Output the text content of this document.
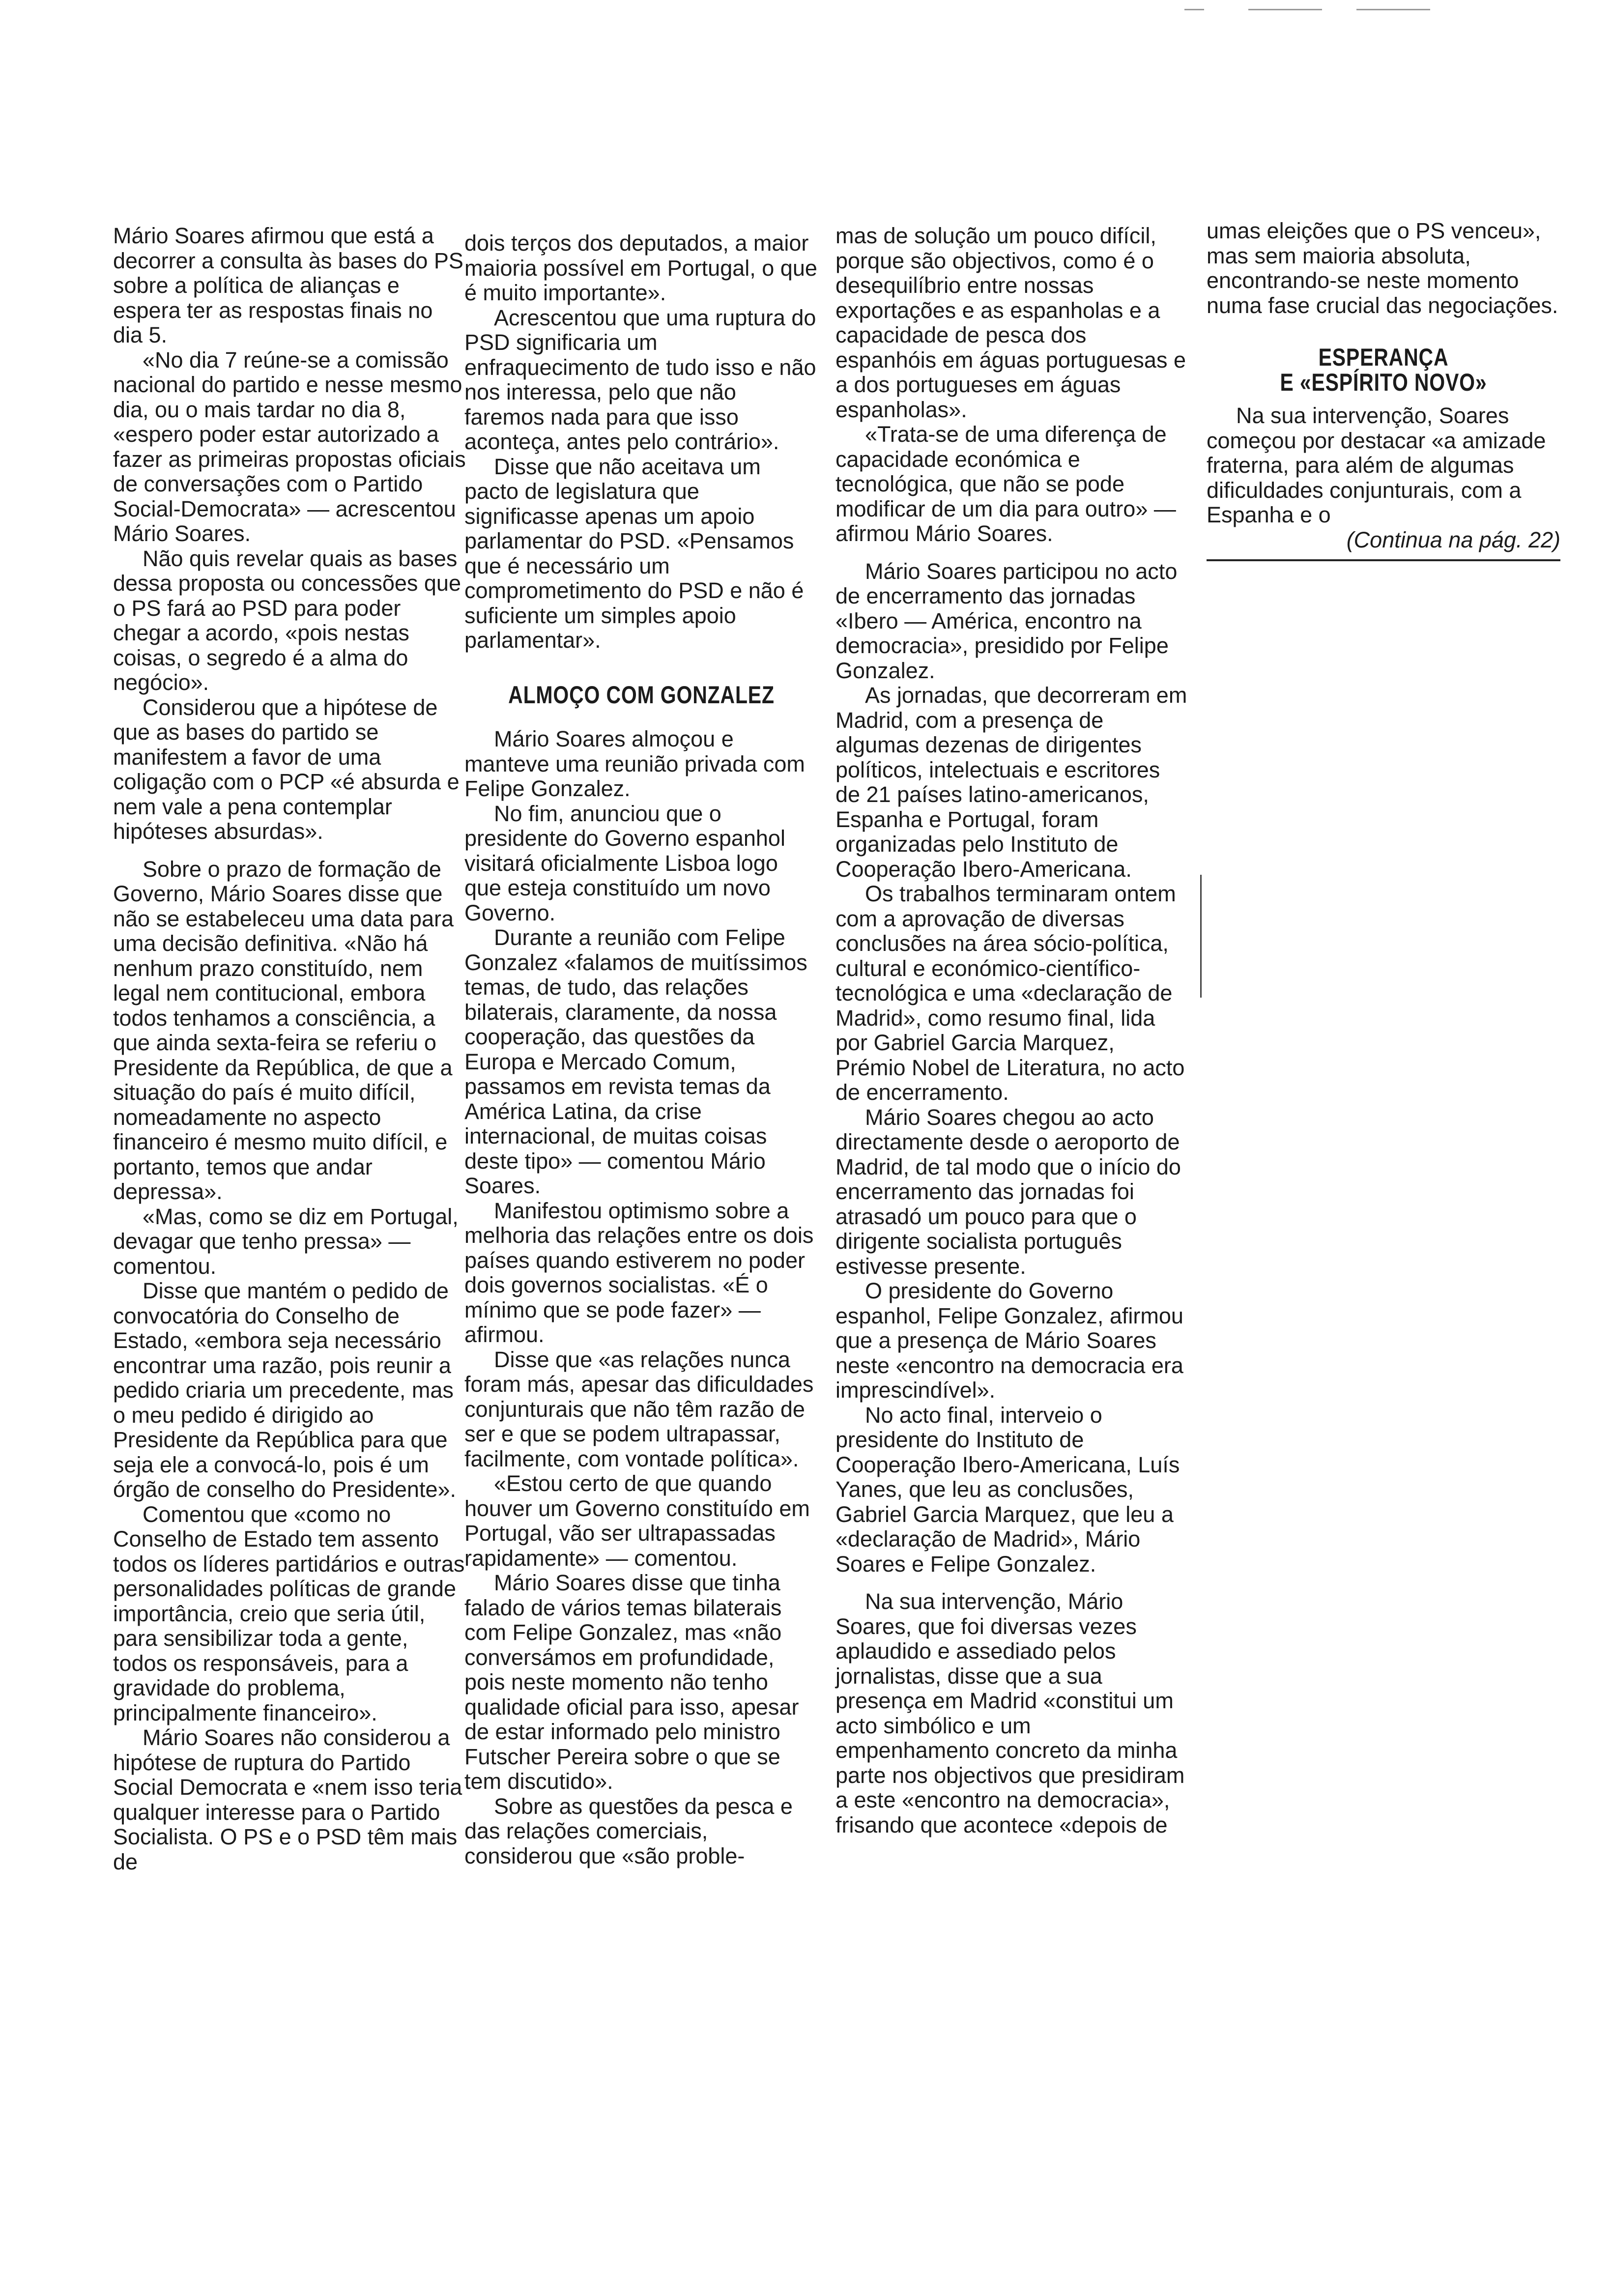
Mário Soares afirmou que está a decorrer a consulta às bases do PS sobre a política de alianças e espera ter as respostas finais no dia 5.

«No dia 7 reúne-se a comissão nacional do partido e nesse mesmo dia, ou o mais tardar no dia 8, «espero poder estar autorizado a fazer as primeiras propostas oficiais de conversações com o Partido Social-Democrata» — acrescentou Mário Soares.

Não quis revelar quais as bases dessa proposta ou concessões que o PS fará ao PSD para poder chegar a acordo, «pois nestas coisas, o segredo é a alma do negócio».

Considerou que a hipótese de que as bases do partido se manifestem a favor de uma coligação com o PCP «é absurda e nem vale a pena contemplar hipóteses absurdas».

Sobre o prazo de formação de Governo, Mário Soares disse que não se estabeleceu uma data para uma decisão definitiva. «Não há nenhum prazo constituído, nem legal nem contitucional, embora todos tenhamos a consciência, a que ainda sexta-feira se referiu o Presidente da República, de que a situação do país é muito difícil, nomeadamente no aspecto financeiro é mesmo muito difícil, e portanto, temos que andar depressa».

«Mas, como se diz em Portugal, devagar que tenho pressa» — comentou.

Disse que mantém o pedido de convocatória do Conselho de Estado, «embora seja necessário encontrar uma razão, pois reunir a pedido criaria um precedente, mas o meu pedido é dirigido ao Presidente da República para que seja ele a convocá-lo, pois é um órgão de conselho do Presidente».

Comentou que «como no Conselho de Estado tem assento todos os líderes partidários e outras personalidades políticas de grande importância, creio que seria útil, para sensibilizar toda a gente, todos os responsáveis, para a gravidade do problema, principalmente financeiro».

Mário Soares não considerou a hipótese de ruptura do Partido Social Democrata e «nem isso teria qualquer interesse para o Partido Socialista. O PS e o PSD têm mais de

dois terços dos deputados, a maior maioria possível em Portugal, o que é muito importante».

Acrescentou que uma ruptura do PSD significaria um enfraquecimento de tudo isso e não nos interessa, pelo que não faremos nada para que isso aconteça, antes pelo contrário».

Disse que não aceitava um pacto de legislatura que significasse apenas um apoio parlamentar do PSD. «Pensamos que é necessário um comprometimento do PSD e não é suficiente um simples apoio parlamentar».

ALMOÇO COM GONZALEZ

Mário Soares almoçou e manteve uma reunião privada com Felipe Gonzalez.

No fim, anunciou que o presidente do Governo espanhol visitará oficialmente Lisboa logo que esteja constituído um novo Governo.

Durante a reunião com Felipe Gonzalez «falamos de muitíssimos temas, de tudo, das relações bilaterais, claramente, da nossa cooperação, das questões da Europa e Mercado Comum, passamos em revista temas da América Latina, da crise internacional, de muitas coisas deste tipo» — comentou Mário Soares.

Manifestou optimismo sobre a melhoria das relações entre os dois países quando estiverem no poder dois governos socialistas. «É o mínimo que se pode fazer» — afirmou.

Disse que «as relações nunca foram más, apesar das dificuldades conjunturais que não têm razão de ser e que se podem ultrapassar, facilmente, com vontade política».

«Estou certo de que quando houver um Governo constituído em Portugal, vão ser ultrapassadas rapidamente» — comentou.

Mário Soares disse que tinha falado de vários temas bilaterais com Felipe Gonzalez, mas «não conversámos em profundidade, pois neste momento não tenho qualidade oficial para isso, apesar de estar informado pelo ministro Futscher Pereira sobre o que se tem discutido».

Sobre as questões da pesca e das relações comerciais, considerou que «são proble-

mas de solução um pouco difícil, porque são objectivos, como é o desequilíbrio entre nossas exportações e as espanholas e a capacidade de pesca dos espanhóis em águas portuguesas e a dos portugueses em águas espanholas».

«Trata-se de uma diferença de capacidade económica e tecnológica, que não se pode modificar de um dia para outro» — afirmou Mário Soares.

Mário Soares participou no acto de encerramento das jornadas «Ibero — América, encontro na democracia», presidido por Felipe Gonzalez.

As jornadas, que decorreram em Madrid, com a presença de algumas dezenas de dirigentes políticos, intelectuais e escritores de 21 países latino-americanos, Espanha e Portugal, foram organizadas pelo Instituto de Cooperação Ibero-Americana.

Os trabalhos terminaram ontem com a aprovação de diversas conclusões na área sócio-política, cultural e económico-científico-tecnológica e uma «declaração de Madrid», como resumo final, lida por Gabriel Garcia Marquez, Prémio Nobel de Literatura, no acto de encerramento.

Mário Soares chegou ao acto directamente desde o aeroporto de Madrid, de tal modo que o início do encerramento das jornadas foi atrasadó um pouco para que o dirigente socialista português estivesse presente.

O presidente do Governo espanhol, Felipe Gonzalez, afirmou que a presença de Mário Soares neste «encontro na democracia era imprescindível».

No acto final, interveio o presidente do Instituto de Cooperação Ibero-Americana, Luís Yanes, que leu as conclusões, Gabriel Garcia Marquez, que leu a «declaração de Madrid», Mário Soares e Felipe Gonzalez.

Na sua intervenção, Mário Soares, que foi diversas vezes aplaudido e assediado pelos jornalistas, disse que a sua presença em Madrid «constitui um acto simbólico e um empenhamento concreto da minha parte nos objectivos que presidiram a este «encontro na democracia», frisando que acontece «depois de

umas eleições que o PS venceu», mas sem maioria absoluta, encontrando-se neste momento numa fase crucial das negociações.

ESPERANÇA
E «ESPÍRITO NOVO»

Na sua intervenção, Soares começou por destacar «a amizade fraterna, para além de algumas dificuldades conjunturais, com a Espanha e o

(Continua na pág. 22)
